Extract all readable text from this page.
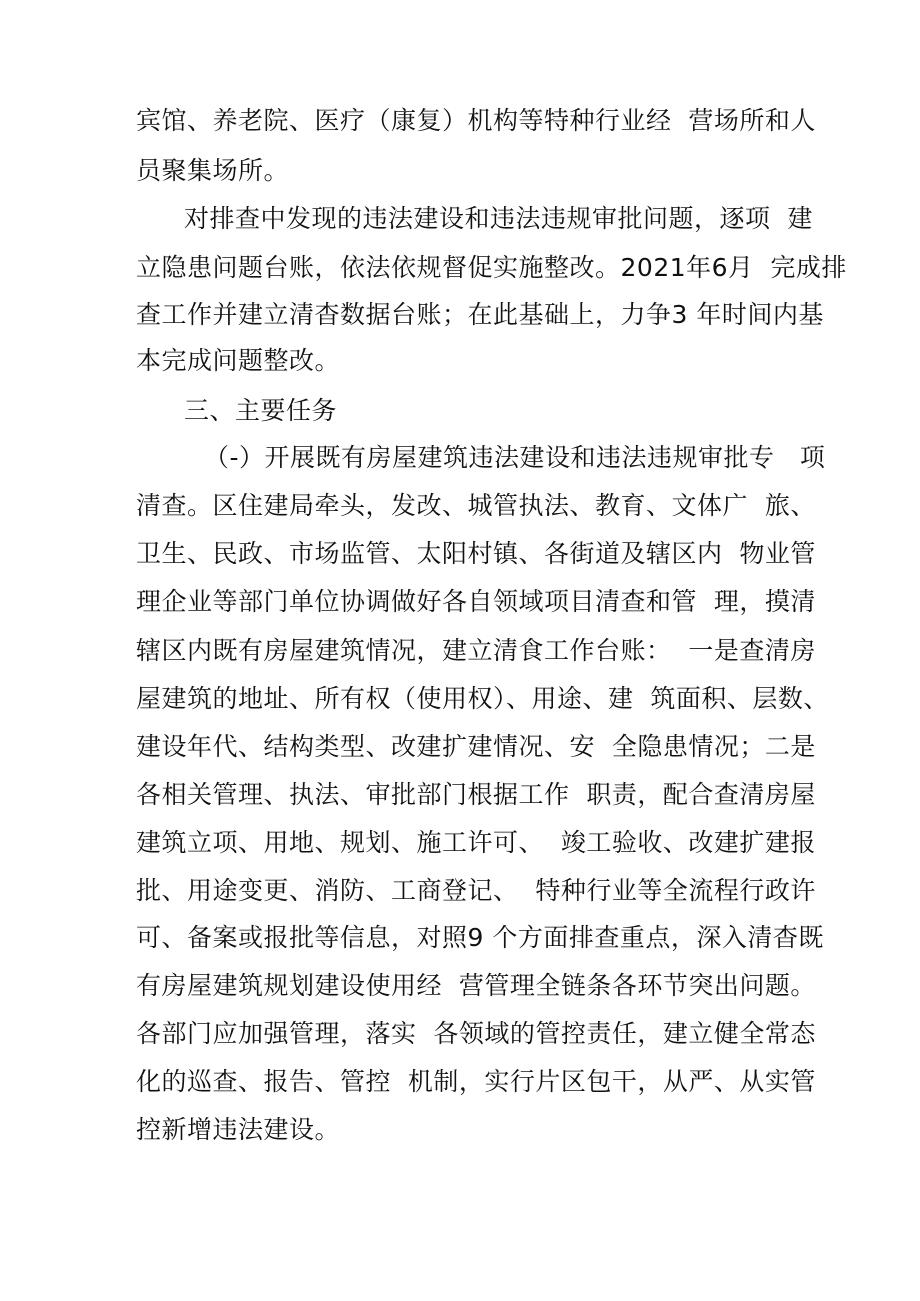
宾馆、养老院、医疗（康复）机构等特种行业经  营场所和人
员聚集场所。
对排查中发现的违法建设和违法违规审批问题，逐项  建
立隐患问题台账，依法依规督促实施整改。2021年6月  完成排
查工作并建立清杳数据台账；在此基础上，力争3 年时间内基
本完成问题整改。
三、主要任务
（-）开展既有房屋建筑违法建设和违法违规审批专   项
清查。区住建局牵头，发改、城管执法、教育、文体广  旅、
卫生、民政、市场监管、太阳村镇、各街道及辖区内  物业管
理企业等部门单位协调做好各自领域项目清查和管  理，摸清
辖区内既有房屋建筑情况，建立清食工作台账：  一是查清房
屋建筑的地址、所有权（使用权）、用途、建  筑面积、层数、
建设年代、结构类型、改建扩建情况、安  全隐患情况；二是
各相关管理、执法、审批部门根据工作  职责，配合查清房屋
建筑立项、用地、规划、施工许可、  竣工验收、改建扩建报
批、用途变更、消防、工商登记、  特种行业等全流程行政许
可、备案或报批等信息，对照9 个方面排查重点，深入清杳既
有房屋建筑规划建设使用经  营管理全链条各环节突出问题。
各部门应加强管理，落实  各领域的管控责任，建立健全常态
化的巡查、报告、管控  机制，实行片区包干，从严、从实管
控新增违法建设。
